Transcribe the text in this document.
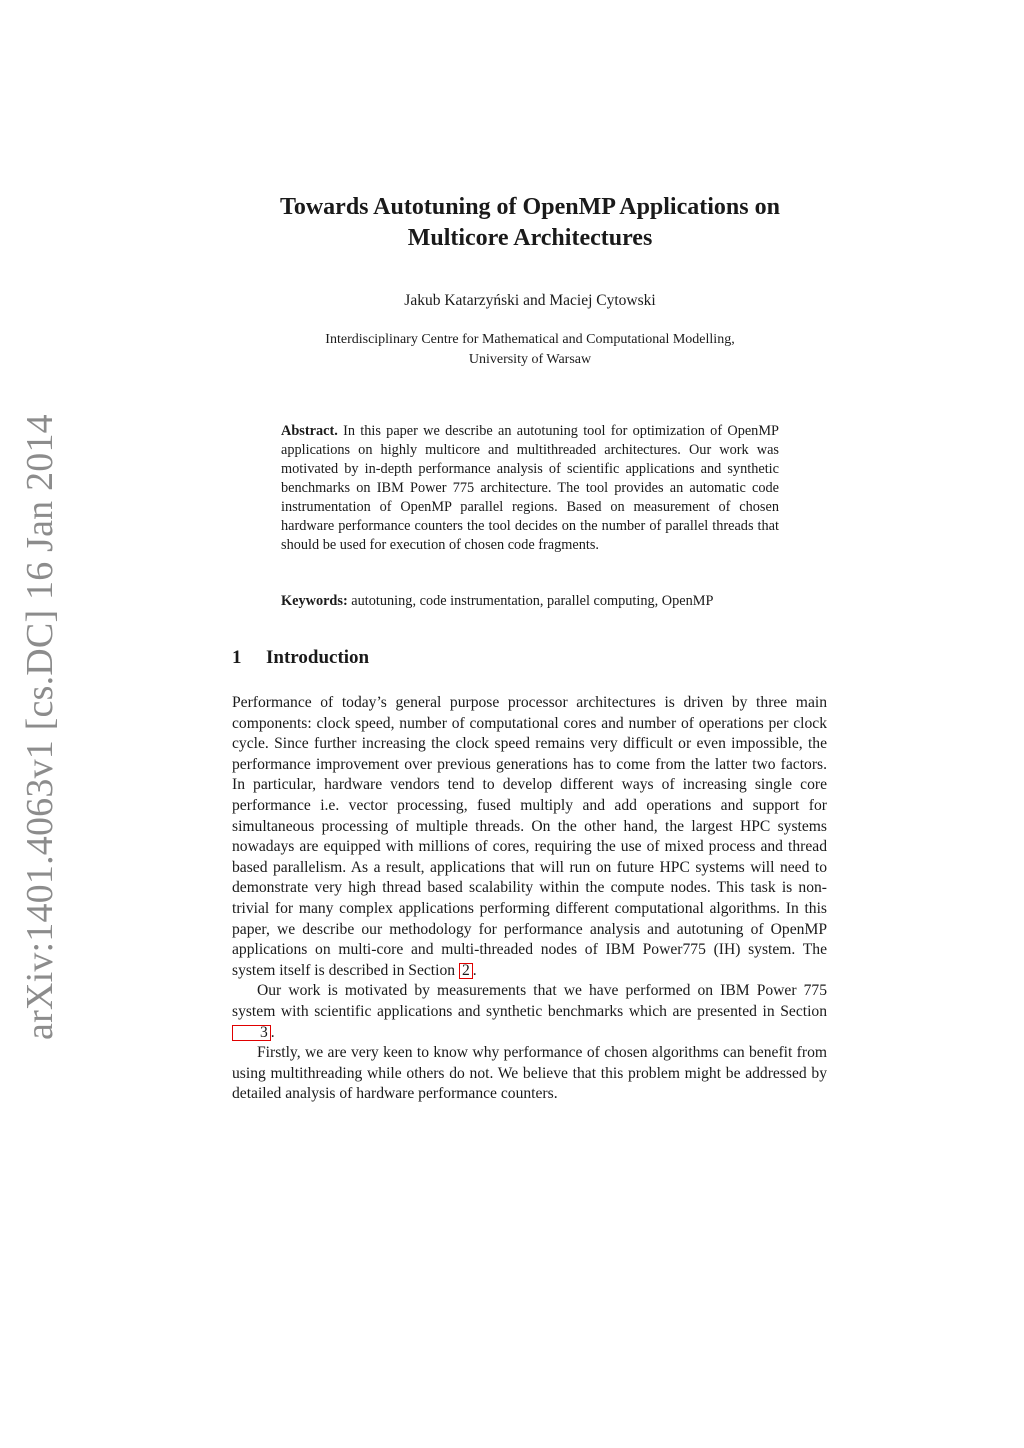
arXiv:1401.4063v1 [cs.DC] 16 Jan 2014
Towards Autotuning of OpenMP Applications on
Multicore Architectures
Jakub Katarzyński and Maciej Cytowski
Interdisciplinary Centre for Mathematical and Computational Modelling,
University of Warsaw

Abstract. In this paper we describe an autotuning tool for optimization of OpenMP applications on highly multicore and multithreaded architectures. Our work was motivated by in-depth performance analysis of scientific applications and synthetic benchmarks on IBM Power 775 architecture. The tool provides an automatic code instrumentation of OpenMP parallel regions. Based on measurement of chosen hardware performance counters the tool decides on the number of parallel threads that should be used for execution of chosen code fragments.

Keywords: autotuning, code instrumentation, parallel computing, OpenMP
1 Introduction

Performance of today’s general purpose processor architectures is driven by three main components: clock speed, number of computational cores and number of operations per clock cycle. Since further increasing the clock speed remains very difficult or even impossible, the performance improvement over previous generations has to come from the latter two factors. In particular, hardware vendors tend to develop different ways of increasing single core performance i.e. vector processing, fused multiply and add operations and support for simultaneous processing of multiple threads. On the other hand, the largest HPC systems nowadays are equipped with millions of cores, requiring the use of mixed process and thread based parallelism. As a result, applications that will run on future HPC systems will need to demonstrate very high thread based scalability within the compute nodes. This task is non-trivial for many complex applications performing different computational algorithms. In this paper, we describe our methodology for performance analysis and autotuning of OpenMP applications on multi-core and multi-threaded nodes of IBM Power775 (IH) system. The system itself is described in Section 2 .

Our work is motivated by measurements that we have performed on IBM Power 775 system with scientific applications and synthetic benchmarks which are presented in Section 3 .

Firstly, we are very keen to know why performance of chosen algorithms can benefit from using multithreading while others do not. We believe that this problem might be addressed by detailed analysis of hardware performance counters.
